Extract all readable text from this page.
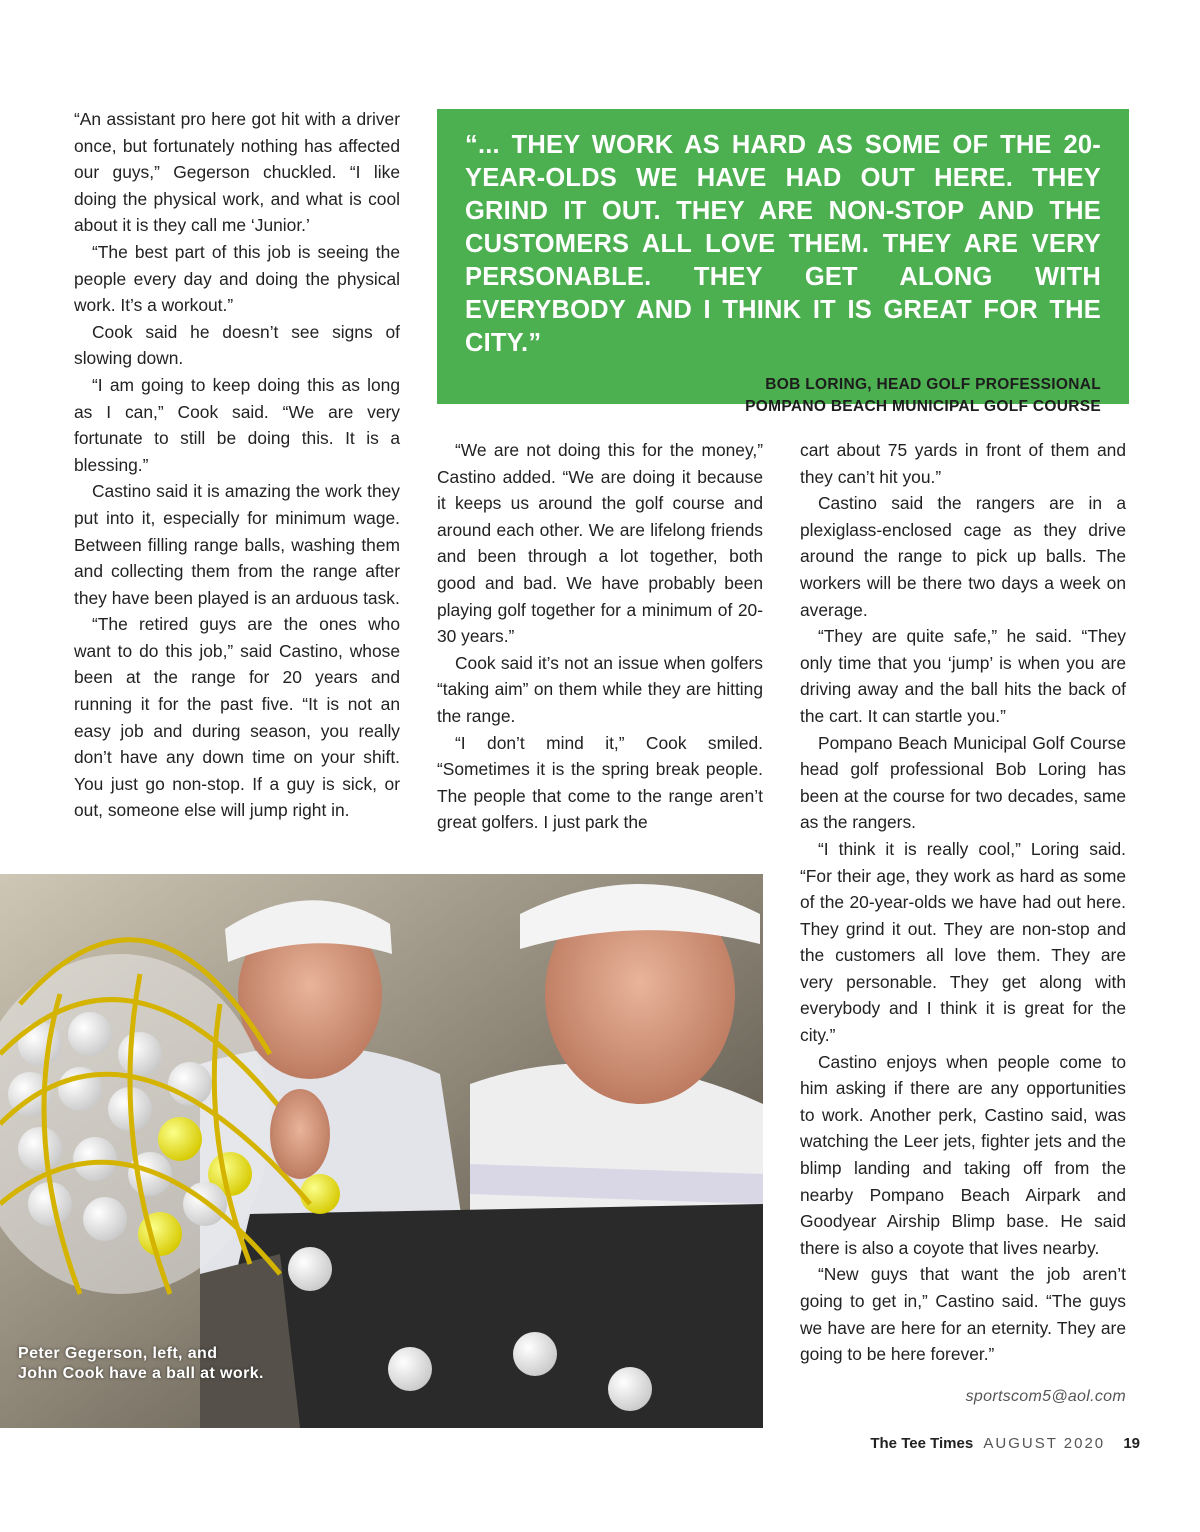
“An assistant pro here got hit with a driver once, but fortunately nothing has affected our guys,” Gegerson chuckled. “I like doing the physical work, and what is cool about it is they call me ‘Junior.’

“The best part of this job is seeing the people every day and doing the physical work. It’s a workout.”

Cook said he doesn’t see signs of slowing down.

“I am going to keep doing this as long as I can,” Cook said. “We are very fortunate to still be doing this. It is a blessing.”

Castino said it is amazing the work they put into it, especially for minimum wage. Between filling range balls, washing them and collecting them from the range after they have been played is an arduous task.

“The retired guys are the ones who want to do this job,” said Castino, whose been at the range for 20 years and running it for the past five. “It is not an easy job and during season, you really don’t have any down time on your shift. You just go non-stop. If a guy is sick, or out, someone else will jump right in.

“... THEY WORK AS HARD AS SOME OF THE 20-YEAR-OLDS WE HAVE HAD OUT HERE. THEY GRIND IT OUT. THEY ARE NON-STOP AND THE CUSTOMERS ALL LOVE THEM. THEY ARE VERY PERSONABLE. THEY GET ALONG WITH EVERYBODY AND I THINK IT IS GREAT FOR THE CITY.”

BOB LORING, HEAD GOLF PROFESSIONAL
POMPANO BEACH MUNICIPAL GOLF COURSE

“We are not doing this for the money,” Castino added. “We are doing it because it keeps us around the golf course and around each other. We are lifelong friends and been through a lot together, both good and bad. We have probably been playing golf together for a minimum of 20-30 years.”

Cook said it’s not an issue when golfers “taking aim” on them while they are hitting the range.

“I don’t mind it,” Cook smiled. “Sometimes it is the spring break people. The people that come to the range aren’t great golfers. I just park the

cart about 75 yards in front of them and they can’t hit you.”

Castino said the rangers are in a plexiglass-enclosed cage as they drive around the range to pick up balls. The workers will be there two days a week on average.

“They are quite safe,” he said. “They only time that you ‘jump’ is when you are driving away and the ball hits the back of the cart. It can startle you.”

Pompano Beach Municipal Golf Course head golf professional Bob Loring has been at the course for two decades, same as the rangers.

“I think it is really cool,” Loring said. “For their age, they work as hard as some of the 20-year-olds we have had out here. They grind it out. They are non-stop and the customers all love them. They are very personable. They get along with everybody and I think it is great for the city.”

Castino enjoys when people come to him asking if there are any opportunities to work. Another perk, Castino said, was watching the Leer jets, fighter jets and the blimp landing and taking off from the nearby Pompano Beach Airpark and Goodyear Airship Blimp base. He said there is also a coyote that lives nearby.

“New guys that want the job aren’t going to get in,” Castino said. “The guys we have are here for an eternity. They are going to be here forever.”

sportscom5@aol.com
Peter Gegerson, left, and
John Cook have a ball at work.
The Tee Times AUGUST 2020 19
